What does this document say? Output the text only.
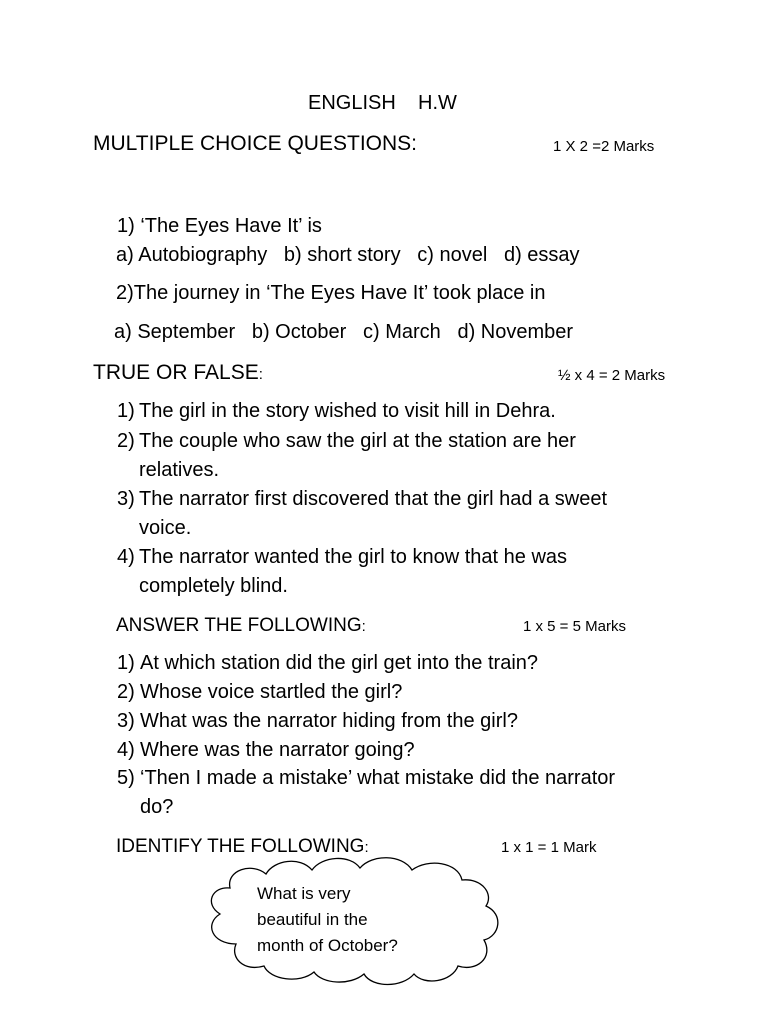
ENGLISH    H.W
MULTIPLE CHOICE QUESTIONS:	1 X 2 =2 Marks
1) ‘The Eyes Have It’ is
a) Autobiography   b) short story   c) novel   d) essay
2)The journey in ‘The Eyes Have It’ took place in
a) September   b) October   c) March   d) November
TRUE OR FALSE:	½ x 4 = 2 Marks
1) The girl in the story wished to visit hill in Dehra.
2) The couple who saw the girl at the station are her
relatives.
3) The narrator first discovered that the girl had a sweet
voice.
4) The narrator wanted the girl to know that he was
completely blind.
ANSWER THE FOLLOWING:	1 x 5 = 5 Marks
1) At which station did the girl get into the train?
2) Whose voice startled the girl?
3) What was the narrator hiding from the girl?
4) Where was the narrator going?
5) ‘Then I made a mistake’ what mistake did the narrator
do?
IDENTIFY THE FOLLOWING:	1 x 1 = 1 Mark
What is very
beautiful in the
month of October?
